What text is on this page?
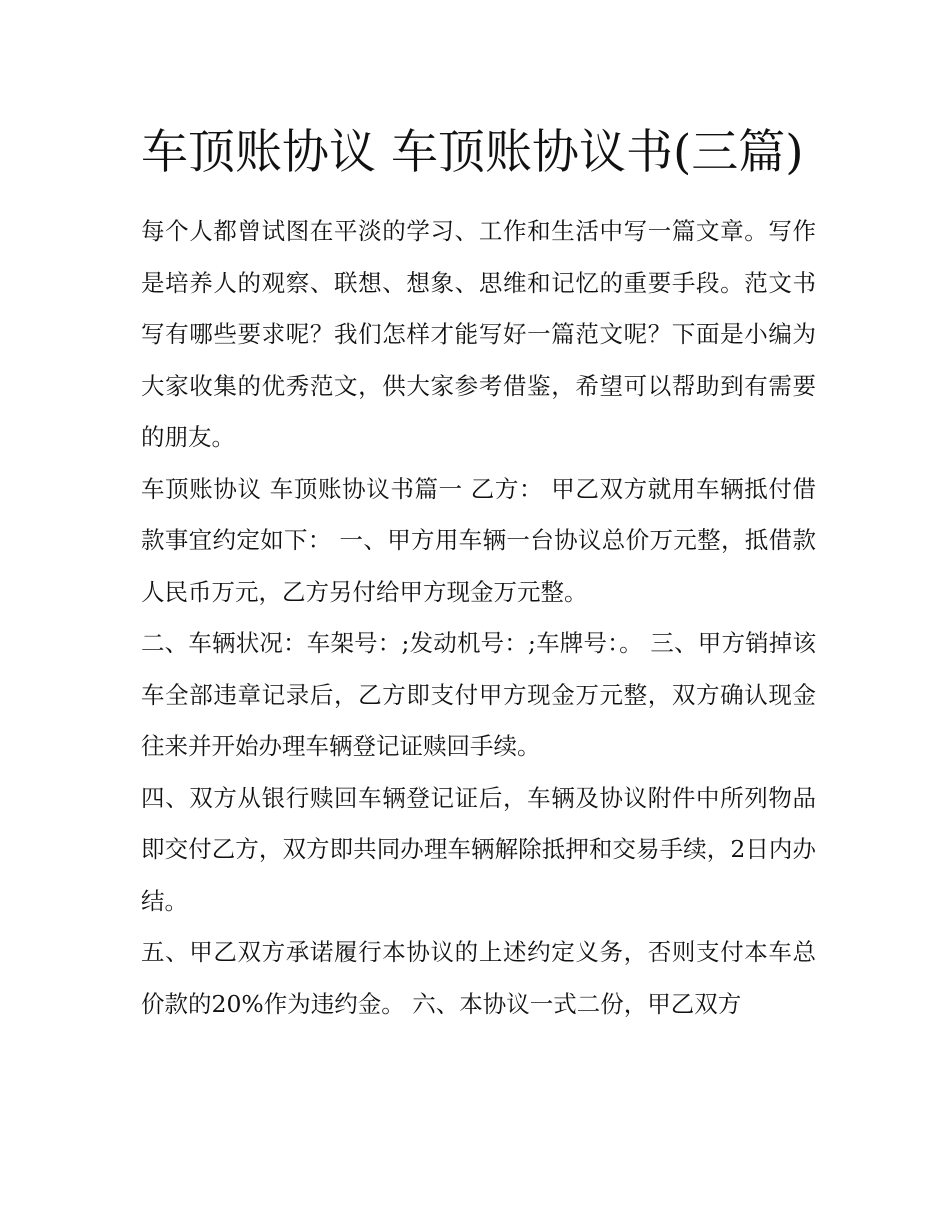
车顶账协议 车顶账协议书(三篇)

每个人都曾试图在平淡的学习、工作和生活中写一篇文章。写作是培养人的观察、联想、想象、思维和记忆的重要手段。范文书写有哪些要求呢？我们怎样才能写好一篇范文呢？下面是小编为大家收集的优秀范文，供大家参考借鉴，希望可以帮助到有需要的朋友。

车顶账协议 车顶账协议书篇一 乙方： 甲乙双方就用车辆抵付借款事宜约定如下： 一、甲方用车辆一台协议总价万元整，抵借款人民币万元，乙方另付给甲方现金万元整。

二、车辆状况：车架号：;发动机号：;车牌号：。 三、甲方销掉该车全部违章记录后，乙方即支付甲方现金万元整，双方确认现金往来并开始办理车辆登记证赎回手续。

四、双方从银行赎回车辆登记证后，车辆及协议附件中所列物品即交付乙方，双方即共同办理车辆解除抵押和交易手续，2日内办结。

五、甲乙双方承诺履行本协议的上述约定义务，否则支付本车总价款的20%作为违约金。 六、本协议一式二份，甲乙双方
